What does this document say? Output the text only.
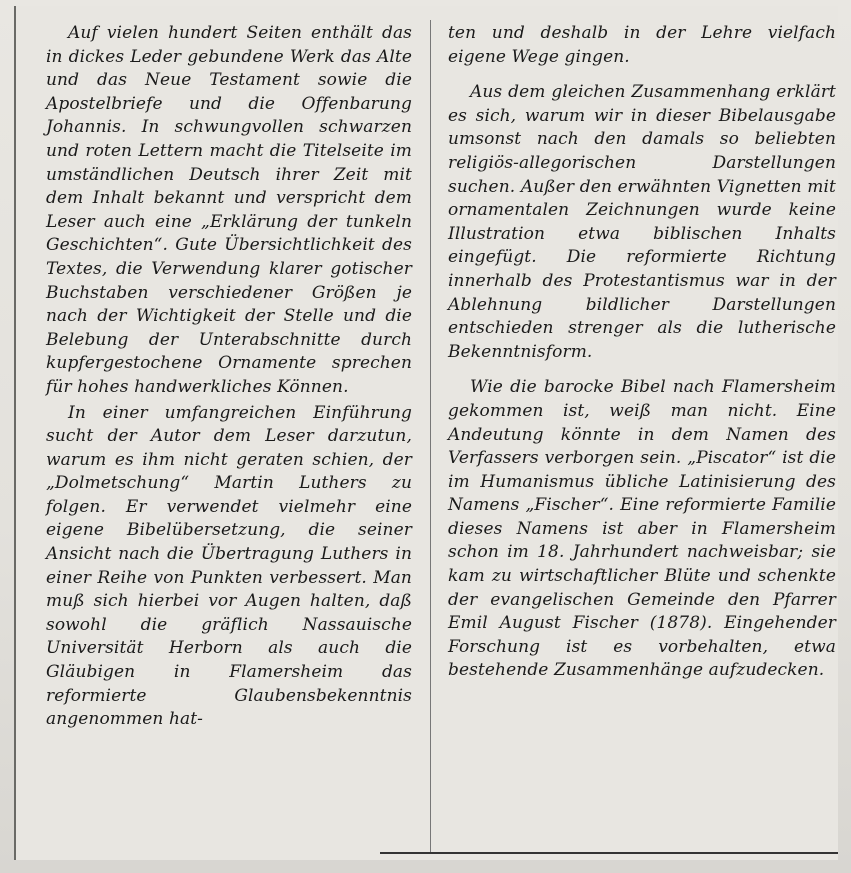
Auf vielen hundert Seiten enthält das in dickes Leder gebundene Werk das Alte und das Neue Testament sowie die Apostelbriefe und die Offenbarung Johannis. In schwungvollen schwarzen und roten Lettern macht die Titelseite im umständlichen Deutsch ihrer Zeit mit dem Inhalt bekannt und verspricht dem Leser auch eine „Erklärung der tunkeln Geschichten“. Gute Übersichtlichkeit des Textes, die Verwendung klarer gotischer Buchstaben verschiedener Größen je nach der Wichtigkeit der Stelle und die Belebung der Unterabschnitte durch kupfergestochene Ornamente sprechen für hohes handwerkliches Können.

In einer umfangreichen Einführung sucht der Autor dem Leser darzutun, warum es ihm nicht geraten schien, der „Dolmetschung“ Martin Luthers zu folgen. Er verwendet vielmehr eine eigene Bibelübersetzung, die seiner Ansicht nach die Übertragung Luthers in einer Reihe von Punkten verbessert. Man muß sich hierbei vor Augen halten, daß sowohl die gräflich Nassauische Universität Herborn als auch die Gläubigen in Flamersheim das reformierte Glaubensbekenntnis angenommen hat-

ten und deshalb in der Lehre vielfach eigene Wege gingen.

Aus dem gleichen Zusammenhang erklärt es sich, warum wir in dieser Bibelausgabe umsonst nach den damals so beliebten religiös-allegorischen Darstellungen suchen. Außer den erwähnten Vignetten mit ornamentalen Zeichnungen wurde keine Illustration etwa biblischen Inhalts eingefügt. Die reformierte Richtung innerhalb des Protestantismus war in der Ablehnung bildlicher Darstellungen entschieden strenger als die lutherische Bekenntnisform.

Wie die barocke Bibel nach Flamersheim gekommen ist, weiß man nicht. Eine Andeutung könnte in dem Namen des Verfassers verborgen sein. „Piscator“ ist die im Humanismus übliche Latinisierung des Namens „Fischer“. Eine reformierte Familie dieses Namens ist aber in Flamersheim schon im 18. Jahrhundert nachweisbar; sie kam zu wirtschaftlicher Blüte und schenkte der evangelischen Gemeinde den Pfarrer Emil August Fischer (1878). Eingehender Forschung ist es vorbehalten, etwa bestehende Zusammenhänge aufzudecken.
